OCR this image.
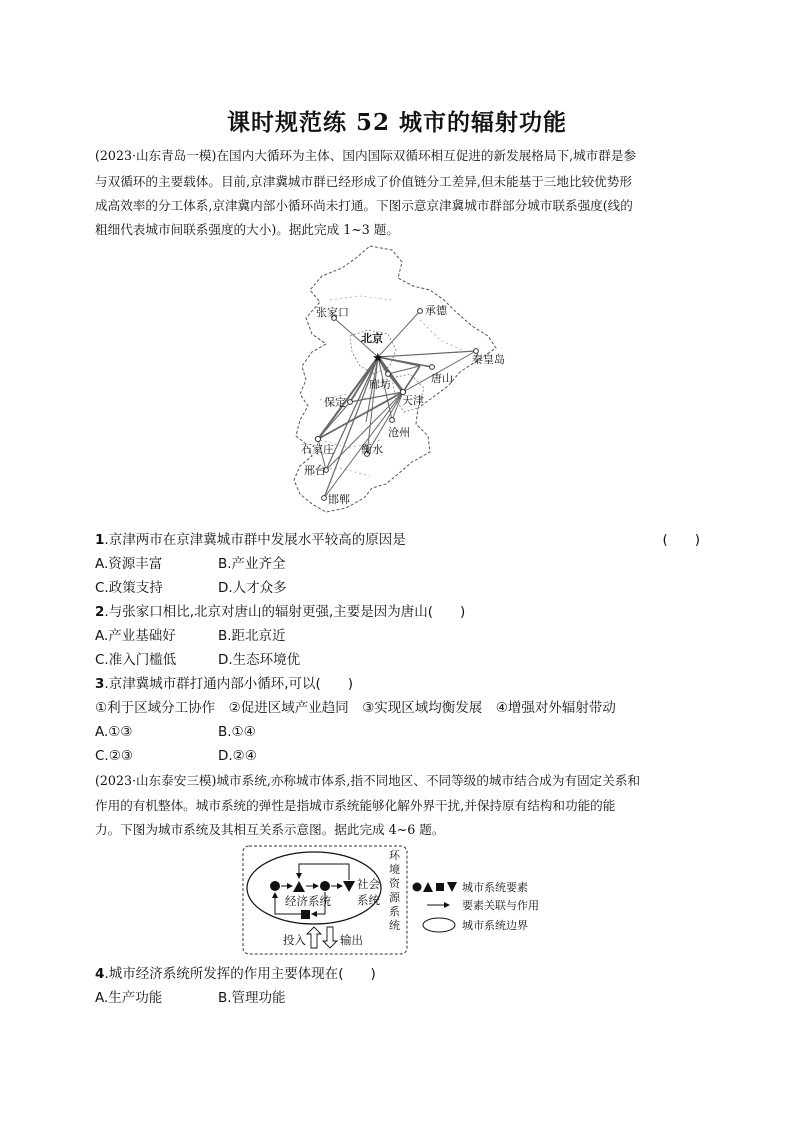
课时规范练 52 城市的辐射功能
(2023·山东青岛一模)在国内大循环为主体、国内国际双循环相互促进的新发展格局下,城市群是参
与双循环的主要载体。目前,京津冀城市群已经形成了价值链分工差异,但未能基于三地比较优势形
成高效率的分工体系,京津冀内部小循环尚未打通。下图示意京津冀城市群部分城市联系强度(线的
粗细代表城市间联系强度的大小)。据此完成 1~3 题。
★
张家口	承德
北京
秦皇岛
廊坊	唐山
保定	天津
沧州
石家庄 衡水
邢台
邯郸
1.京津两市在京津冀城市群中发展水平较高的原因是	(　　)
A.资源丰富	B.产业齐全
C.政策支持	D.人才众多
2.与张家口相比,北京对唐山的辐射更强,主要是因为唐山(　　)
A.产业基础好	B.距北京近
C.准入门槛低	D.生态环境优
3.京津冀城市群打通内部小循环,可以(　　)
①利于区域分工协作　②促进区域产业趋同　③实现区域均衡发展　④增强对外辐射带动
A.①③	B.①④
C.②③	D.②④
(2023·山东泰安三模)城市系统,亦称城市体系,指不同地区、不同等级的城市结合成为有固定关系和
作用的有机整体。城市系统的弹性是指城市系统能够化解外界干扰,并保持原有结构和功能的能
力。下图为城市系统及其相互关系示意图。据此完成 4~6 题。
经济系统
社会
系统
环
境
资
源
系
统
投入	输出
城市系统要素
要素关联与作用
城市系统边界
4.城市经济系统所发挥的作用主要体现在(　　)
A.生产功能	B.管理功能
